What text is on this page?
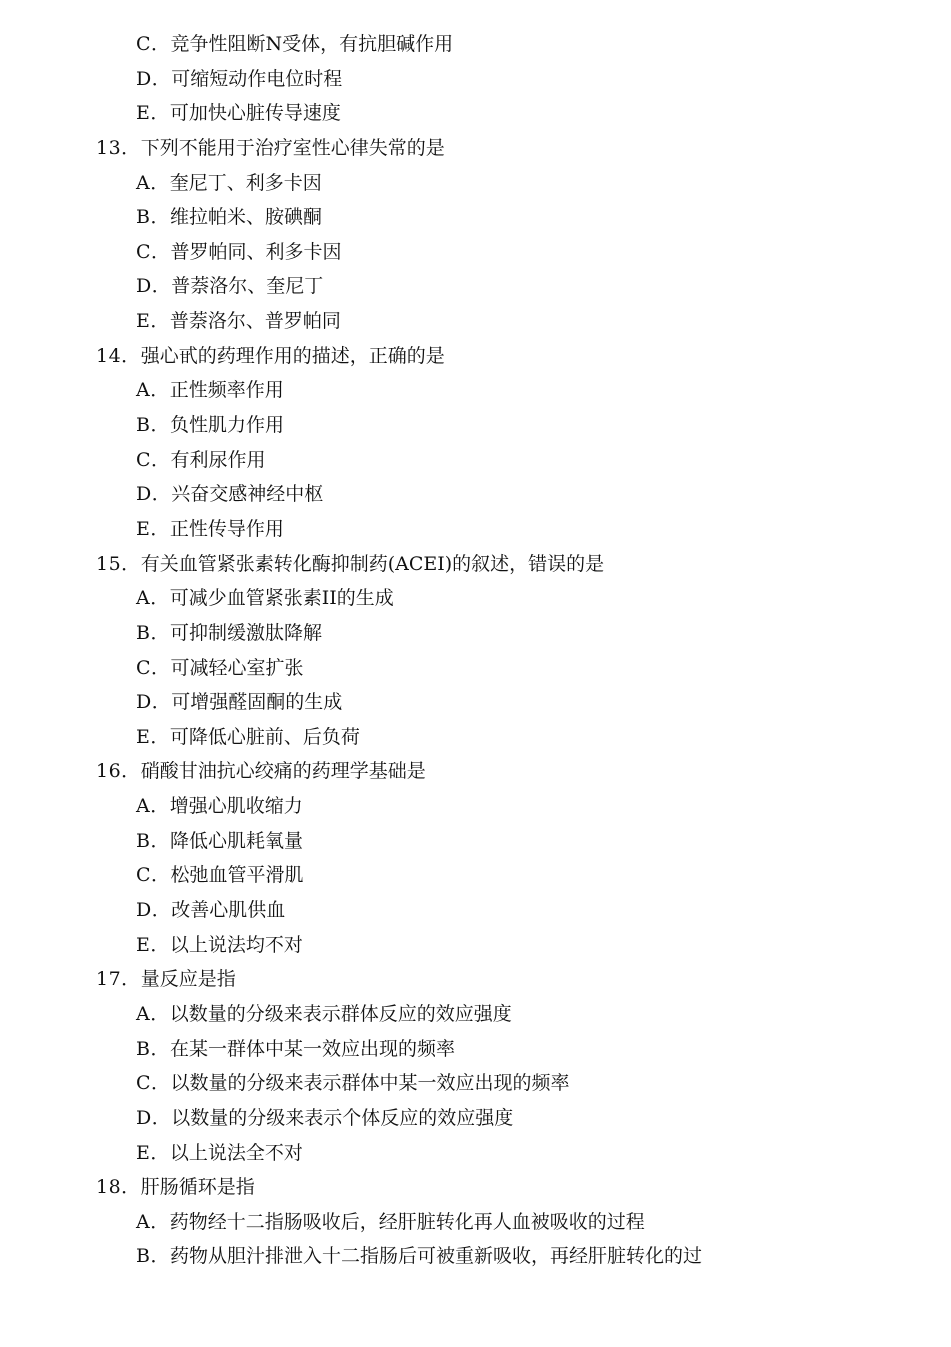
C．竞争性阻断N受体，有抗胆碱作用
D．可缩短动作电位时程
E．可加快心脏传导速度
13．下列不能用于治疗室性心律失常的是
A．奎尼丁、利多卡因
B．维拉帕米、胺碘酮
C．普罗帕同、利多卡因
D．普萘洛尔、奎尼丁
E．普萘洛尔、普罗帕同
14．强心甙的药理作用的描述，正确的是
A．正性频率作用
B．负性肌力作用
C．有利尿作用
D．兴奋交感神经中枢
E．正性传导作用
15．有关血管紧张素转化酶抑制药(ACEI)的叙述，错误的是
A．可减少血管紧张素II的生成
B．可抑制缓激肽降解
C．可减轻心室扩张
D．可增强醛固酮的生成
E．可降低心脏前、后负荷
16．硝酸甘油抗心绞痛的药理学基础是
A．增强心肌收缩力
B．降低心肌耗氧量
C．松弛血管平滑肌
D．改善心肌供血
E．以上说法均不对
17．量反应是指
A．以数量的分级来表示群体反应的效应强度
B．在某一群体中某一效应出现的频率
C．以数量的分级来表示群体中某一效应出现的频率
D．以数量的分级来表示个体反应的效应强度
E．以上说法全不对
18．肝肠循环是指
A．药物经十二指肠吸收后，经肝脏转化再人血被吸收的过程
B．药物从胆汁排泄入十二指肠后可被重新吸收，再经肝脏转化的过
